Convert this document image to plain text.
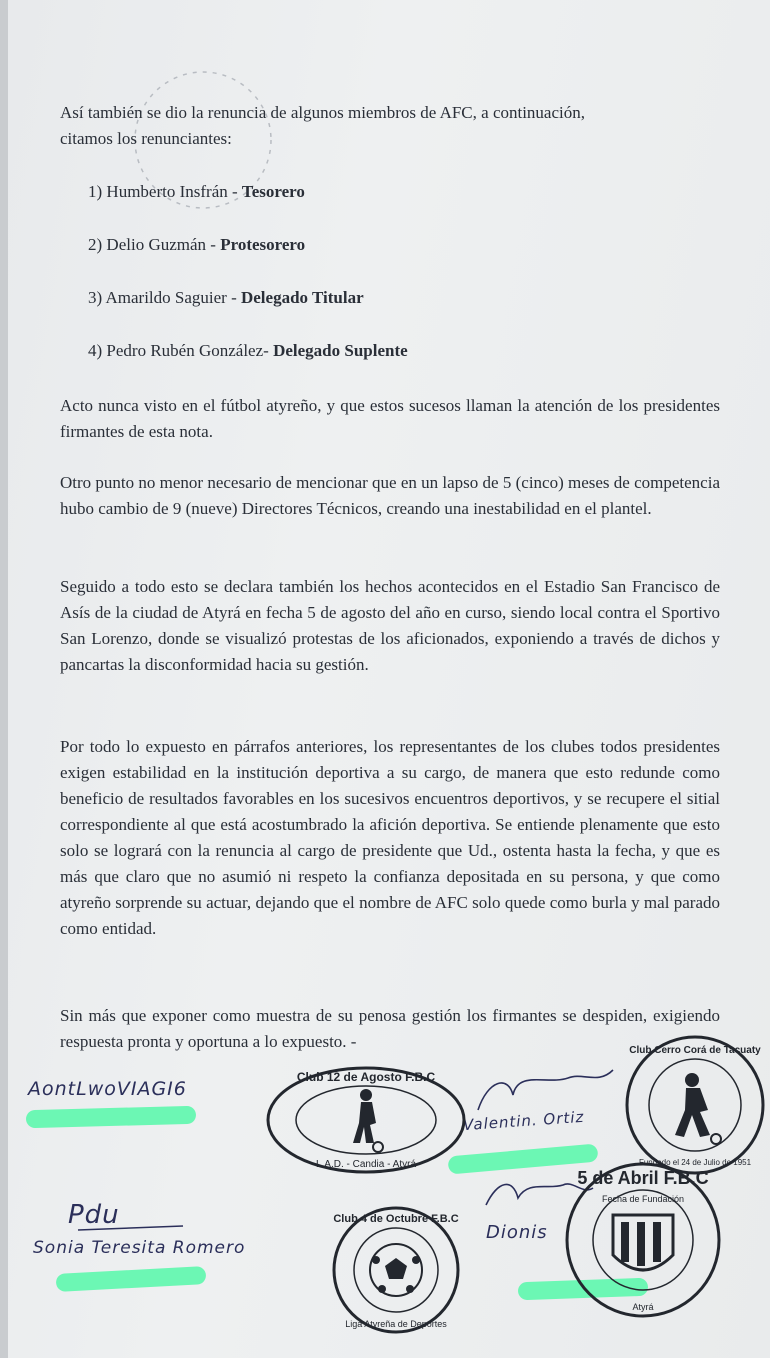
Así también se dio la renuncia de algunos miembros de AFC, a continuación,
citamos los renunciantes:
1) Humberto Insfrán - Tesorero
2) Delio Guzmán - Protesorero
3) Amarildo Saguier - Delegado Titular
4) Pedro Rubén González- Delegado Suplente
Acto nunca visto en el fútbol atyreño, y que estos sucesos llaman la atención de los presidentes firmantes de esta nota.
Otro punto no menor necesario de mencionar que en un lapso de 5 (cinco) meses de competencia hubo cambio de 9 (nueve) Directores Técnicos, creando una inestabilidad en el plantel.
Seguido a todo esto se declara también los hechos acontecidos en el Estadio San Francisco de Asís de la ciudad de Atyrá en fecha 5 de agosto del año en curso, siendo local contra el Sportivo San Lorenzo, donde se visualizó protestas de los aficionados, exponiendo a través de dichos y pancartas la disconformidad hacia su gestión.
Por todo lo expuesto en párrafos anteriores, los representantes de los clubes todos presidentes exigen estabilidad en la institución deportiva a su cargo, de manera que esto redunde como beneficio de resultados favorables en los sucesivos encuentros deportivos, y se recupere el sitial correspondiente al que está acostumbrado la afición deportiva. Se entiende plenamente que esto solo se logrará con la renuncia al cargo de presidente que Ud., ostenta hasta la fecha, y que es más que claro que no asumió ni respeto la confianza depositada en su persona, y que como atyreño sorprende su actuar, dejando que el nombre de AFC solo quede como burla y mal parado como entidad.
Sin más que exponer como muestra de su penosa gestión los firmantes se despiden, exigiendo respuesta pronta y oportuna a lo expuesto. -
AontLwoVIAGI6
Valentin. Ortiz
Pdu
Sonia Teresita Romero
Dionis
Club 12 de Agosto F.B.C
L.A.D. - Candia - Atyrá
Club Cerro Corá de Tacuaty
Fundado el 24 de Julio de 1951
Club 4 de Octubre F.B.C
Liga Atyreña de Deportes
5 de Abril F.B.C
Fecha de Fundación
Atyrá
